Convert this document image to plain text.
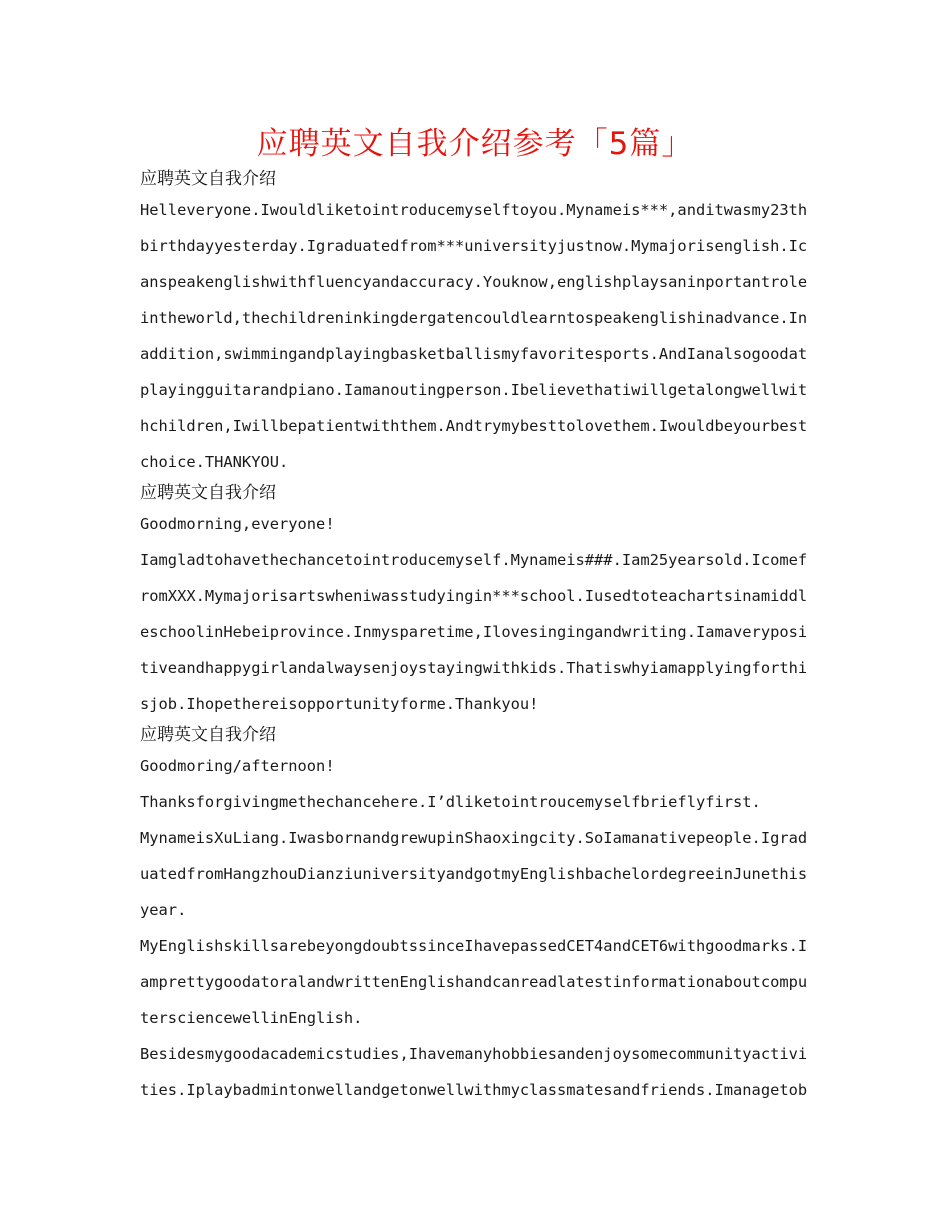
应聘英文自我介绍参考「5篇」
应聘英文自我介绍

Helleveryone.Iwouldliketointroducemyselftoyou.Mynameis***,anditwasmy23thbirthdayyesterday.Igraduatedfrom***universityjustnow.Mymajorisenglish.Icanspeakenglishwithfluencyandaccuracy.Youknow,englishplaysaninportantroleintheworld,thechildreninkingdergatencouldlearntospeakenglishinadvance.Inaddition,swimmingandplayingbasketballismyfavoritesports.AndIanalsogoodatplayingguitarandpiano.Iamanoutingperson.Ibelievethatiwillgetalongwellwithchildren,Iwillbepatientwiththem.Andtrymybesttolovethem.Iwouldbeyourbestchoice.THANKYOU.

应聘英文自我介绍

Goodmorning,everyone!

Iamgladtohavethechancetointroducemyself.Mynameis###.Iam25yearsold.IcomefromXXX.Mymajorisartswheniwasstudyingin***school.IusedtoteachartsinamiddleschoolinHebeiprovince.Inmysparetime,Ilovesingingandwriting.Iamaverypositiveandhappygirlandalwaysenjoystayingwithkids.Thatiswhyiamapplyingforthisjob.Ihopethereisopportunityforme.Thankyou!

应聘英文自我介绍

Goodmoring/afternoon!

Thanksforgivingmethechancehere.I’dliketointroucemyselfbrieflyfirst.

MynameisXuLiang.IwasbornandgrewupinShaoxingcity.SoIamanativepeople.IgraduatedfromHangzhouDianziuniversityandgotmyEnglishbachelordegreeinJunethisyear.

MyEnglishskillsarebeyongdoubtssinceIhavepassedCET4andCET6withgoodmarks.IamprettygoodatoralandwrittenEnglishandcanreadlatestinformationaboutcomputersciencewellinEnglish.

Besidesmygoodacademicstudies,Ihavemanyhobbiesandenjoysomecommunityactivities.Iplaybadmintonwellandgetonwellwithmyclassmatesandfriends.Imanagetob
